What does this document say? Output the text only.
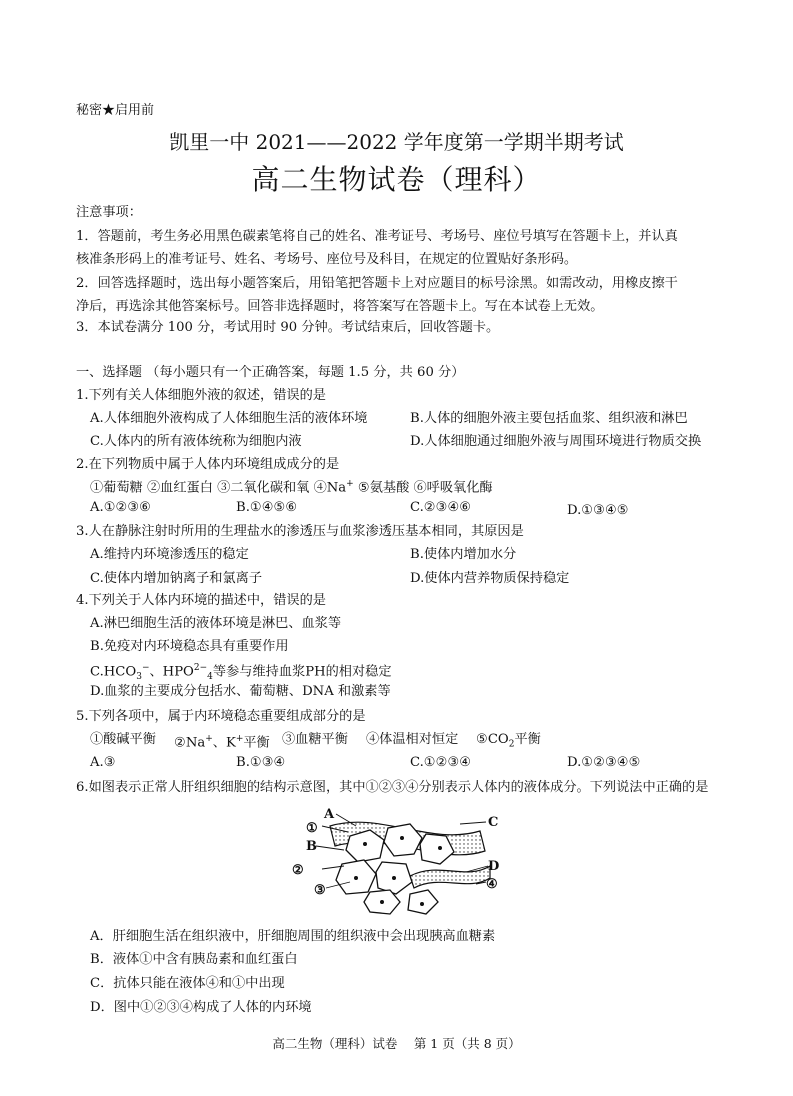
秘密★启用前
凯里一中 2021——2022 学年度第一学期半期考试
高二生物试卷（理科）
注意事项：
1．答题前，考生务必用黑色碳素笔将自己的姓名、准考证号、考场号、座位号填写在答题卡上，并认真
核准条形码上的准考证号、姓名、考场号、座位号及科目，在规定的位置贴好条形码。
2．回答选择题时，选出每小题答案后，用铅笔把答题卡上对应题目的标号涂黑。如需改动，用橡皮擦干
净后，再选涂其他答案标号。回答非选择题时，将答案写在答题卡上。写在本试卷上无效。
3．本试卷满分 100 分，考试用时 90 分钟。考试结束后，回收答题卡。
一、选择题 （每小题只有一个正确答案，每题 1.5 分，共 60 分）
1.下列有关人体细胞外液的叙述，错误的是
A.人体细胞外液构成了人体细胞生活的液体环境	B.人体的细胞外液主要包括血浆、组织液和淋巴
C.人体内的所有液体统称为细胞内液	D.人体细胞通过细胞外液与周围环境进行物质交换
2.在下列物质中属于人体内环境组成成分的是
①葡萄糖 ②血红蛋白 ③二氧化碳和氧 ④Na+ ⑤氨基酸 ⑥呼吸氧化酶
A.①②③⑥	B.①④⑤⑥	C.②③④⑥	D.①③④⑤
3.人在静脉注射时所用的生理盐水的渗透压与血浆渗透压基本相同，其原因是
A.维持内环境渗透压的稳定	B.使体内增加水分
C.使体内增加钠离子和氯离子	D.使体内营养物质保持稳定
4.下列关于人体内环境的描述中，错误的是
A.淋巴细胞生活的液体环境是淋巴、血浆等
B.免疫对内环境稳态具有重要作用
$C.HCO_3^-$、$HPO^{2-}_4$等参与维持血浆PH的相对稳定
D.血浆的主要成分包括水、葡萄糖、DNA 和激素等
5.下列各项中，属于内环境稳态重要组成部分的是
①酸碱平衡 ②Na+、K+平衡 ③血糖平衡 ④体温相对恒定 $⑤CO_2$平衡
A.③	B.①③④	C.①②③④	D.①②③④⑤
6.如图表示正常人肝组织细胞的结构示意图，其中①②③④分别表示人体内的液体成分。下列说法中正确的是
A
①
B
②
③
C
D
④
A．肝细胞生活在组织液中，肝细胞周围的组织液中会出现胰高血糖素
B．液体①中含有胰岛素和血红蛋白
C．抗体只能在液体④和①中出现
D．图中①②③④构成了人体的内环境
高二生物（理科）试卷　 第 1 页（共 8 页）
